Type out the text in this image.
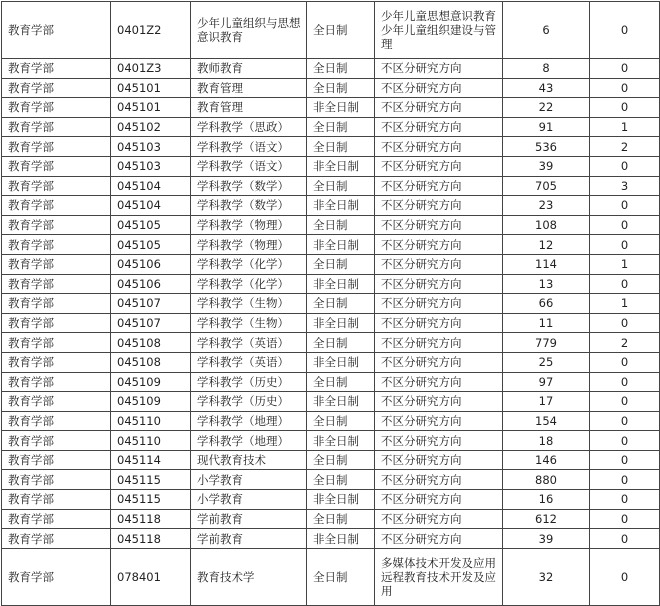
教育学部	0401Z2	少年儿童组织与思想意识教育	全日制	少年儿童思想意识教育 少年儿童组织建设与管理	6	0
教育学部	0401Z3	教师教育	全日制	不区分研究方向	8	0
教育学部	045101	教育管理	全日制	不区分研究方向	43	0
教育学部	045101	教育管理	非全日制	不区分研究方向	22	0
教育学部	045102	学科教学（思政）	全日制	不区分研究方向	91	1
教育学部	045103	学科教学（语文）	全日制	不区分研究方向	536	2
教育学部	045103	学科教学（语文）	非全日制	不区分研究方向	39	0
教育学部	045104	学科教学（数学）	全日制	不区分研究方向	705	3
教育学部	045104	学科教学（数学）	非全日制	不区分研究方向	23	0
教育学部	045105	学科教学（物理）	全日制	不区分研究方向	108	0
教育学部	045105	学科教学（物理）	非全日制	不区分研究方向	12	0
教育学部	045106	学科教学（化学）	全日制	不区分研究方向	114	1
教育学部	045106	学科教学（化学）	非全日制	不区分研究方向	13	0
教育学部	045107	学科教学（生物）	全日制	不区分研究方向	66	1
教育学部	045107	学科教学（生物）	非全日制	不区分研究方向	11	0
教育学部	045108	学科教学（英语）	全日制	不区分研究方向	779	2
教育学部	045108	学科教学（英语）	非全日制	不区分研究方向	25	0
教育学部	045109	学科教学（历史）	全日制	不区分研究方向	97	0
教育学部	045109	学科教学（历史）	非全日制	不区分研究方向	17	0
教育学部	045110	学科教学（地理）	全日制	不区分研究方向	154	0
教育学部	045110	学科教学（地理）	非全日制	不区分研究方向	18	0
教育学部	045114	现代教育技术	全日制	不区分研究方向	146	0
教育学部	045115	小学教育	全日制	不区分研究方向	880	0
教育学部	045115	小学教育	非全日制	不区分研究方向	16	0
教育学部	045118	学前教育	全日制	不区分研究方向	612	0
教育学部	045118	学前教育	非全日制	不区分研究方向	39	0
教育学部	078401	教育技术学	全日制	多媒体技术开发及应用 远程教育技术开发及应用	32	0
